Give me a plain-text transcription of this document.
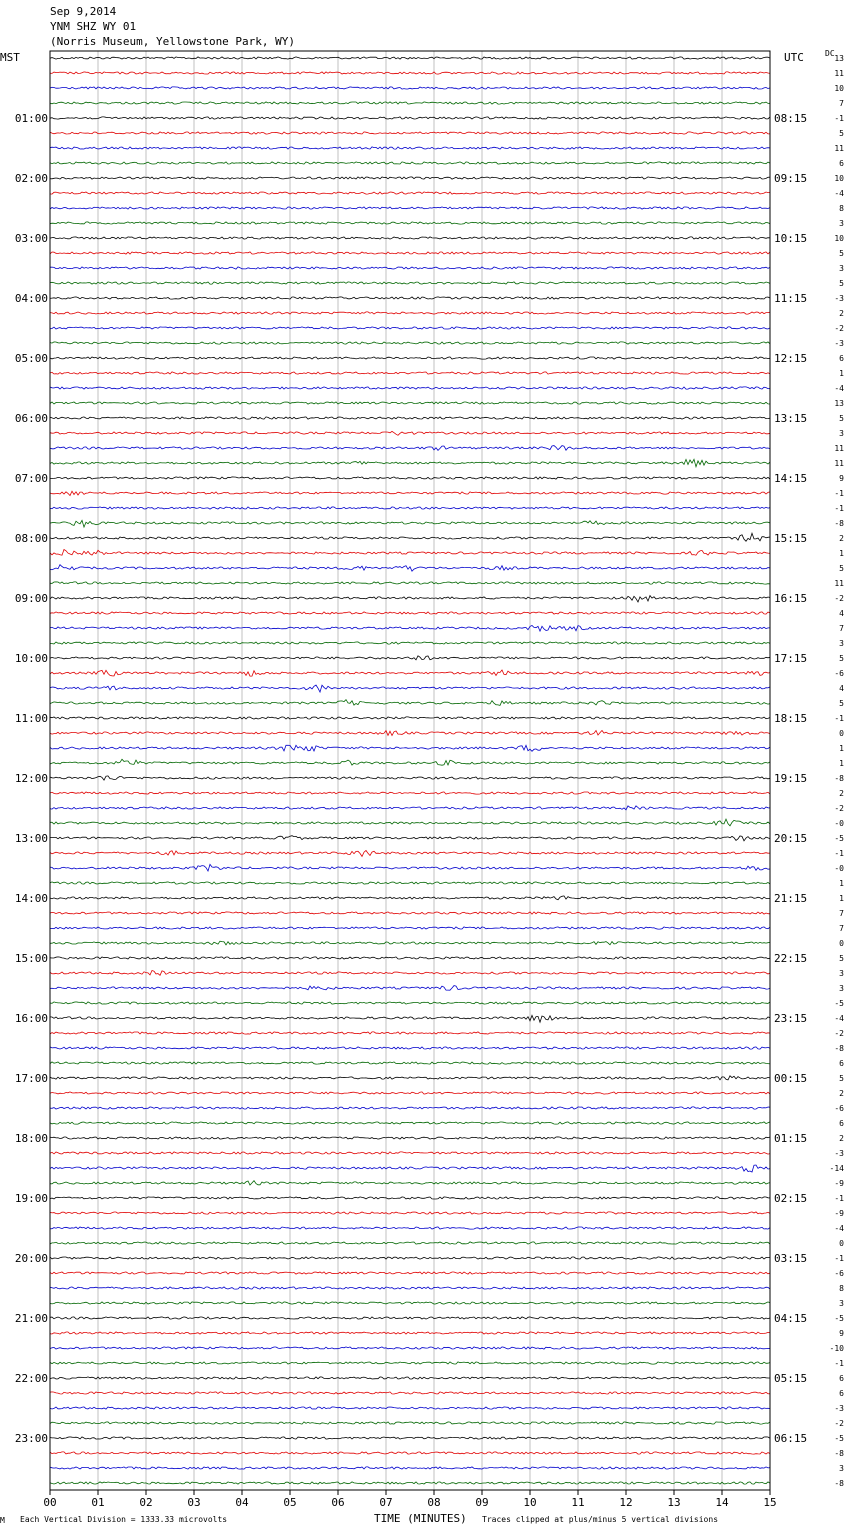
Sep 9,2014
YNM SHZ WY 01
(Norris Museum, Yellowstone Park, WY)
MST	UTC	DC
01:00
02:00
03:00
04:00
05:00
06:00
07:00
08:00
09:00
10:00
11:00
12:00
13:00
14:00
15:00
16:00
17:00
18:00
19:00
20:00
21:00
22:00
23:00
08:15
09:15
10:15
11:15
12:15
13:15
14:15
15:15
16:15
17:15
18:15
19:15
20:15
21:15
22:15
23:15
00:15
01:15
02:15
03:15
04:15
05:15
06:15
13
11
10
7
-1
5
11
6
10
-4
8
3
10
5
3
5
-3
2
-2
-3
6
1
-4
13
5
3
11
11
9
-1
-1
-8
2
1
5
11
-2
4
7
3
5
-6
4
5
-1
0
1
1
-8
2
-2
-0
-5
-1
-0
1
1
7
7
0
5
3
3
-5
-4
-2
-8
6
5
2
-6
6
2
-3
-14
-9
-1
-9
-4
0
-1
-6
8
3
-5
9
-10
-1
6
6
-3
-2
-5
-8
3
-8
00	01	02	03	04	05	06	07	08	09	10	11	12	13	14	15
M Each Vertical Division = 1333.33 microvolts	TIME (MINUTES) Traces clipped at plus/minus 5 vertical divisions
